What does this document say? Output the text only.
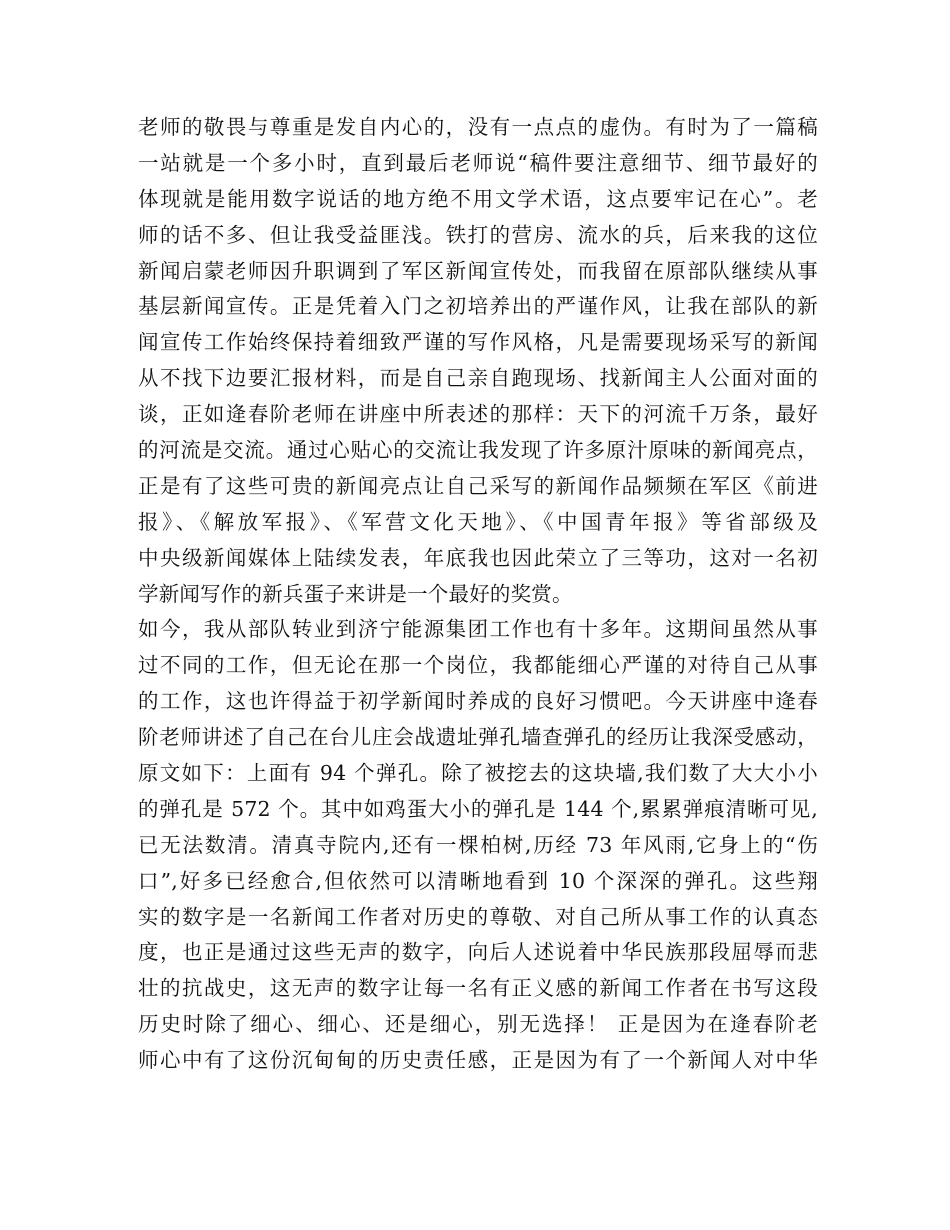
老师的敬畏与尊重是发自内心的，没有一点点的虚伪。有时为了一篇稿
一站就是一个多小时，直到最后老师说“稿件要注意细节、细节最好的
体现就是能用数字说话的地方绝不用文学术语，这点要牢记在心”。老
师的话不多、但让我受益匪浅。铁打的营房、流水的兵，后来我的这位
新闻启蒙老师因升职调到了军区新闻宣传处，而我留在原部队继续从事
基层新闻宣传。正是凭着入门之初培养出的严谨作风，让我在部队的新
闻宣传工作始终保持着细致严谨的写作风格，凡是需要现场采写的新闻
从不找下边要汇报材料，而是自己亲自跑现场、找新闻主人公面对面的
谈，正如逄春阶老师在讲座中所表述的那样：天下的河流千万条，最好
的河流是交流。通过心贴心的交流让我发现了许多原汁原味的新闻亮点，
正是有了这些可贵的新闻亮点让自己采写的新闻作品频频在军区《前进
报》、《解放军报》、《军营文化天地》、《中国青年报》等省部级及
中央级新闻媒体上陆续发表，年底我也因此荣立了三等功，这对一名初
学新闻写作的新兵蛋子来讲是一个最好的奖赏。
如今，我从部队转业到济宁能源集团工作也有十多年。这期间虽然从事
过不同的工作，但无论在那一个岗位，我都能细心严谨的对待自己从事
的工作，这也许得益于初学新闻时养成的良好习惯吧。今天讲座中逄春
阶老师讲述了自己在台儿庄会战遗址弹孔墙查弹孔的经历让我深受感动，
原文如下：上面有 94 个弹孔。除了被挖去的这块墙,我们数了大大小小
的弹孔是 572 个。其中如鸡蛋大小的弹孔是 144 个,累累弹痕清晰可见,
已无法数清。清真寺院内,还有一棵柏树,历经 73 年风雨,它身上的“伤
口”,好多已经愈合,但依然可以清晰地看到 10 个深深的弹孔。这些翔
实的数字是一名新闻工作者对历史的尊敬、对自己所从事工作的认真态
度，也正是通过这些无声的数字，向后人述说着中华民族那段屈辱而悲
壮的抗战史，这无声的数字让每一名有正义感的新闻工作者在书写这段
历史时除了细心、细心、还是细心，别无选择！ 正是因为在逄春阶老
师心中有了这份沉甸甸的历史责任感，正是因为有了一个新闻人对中华
